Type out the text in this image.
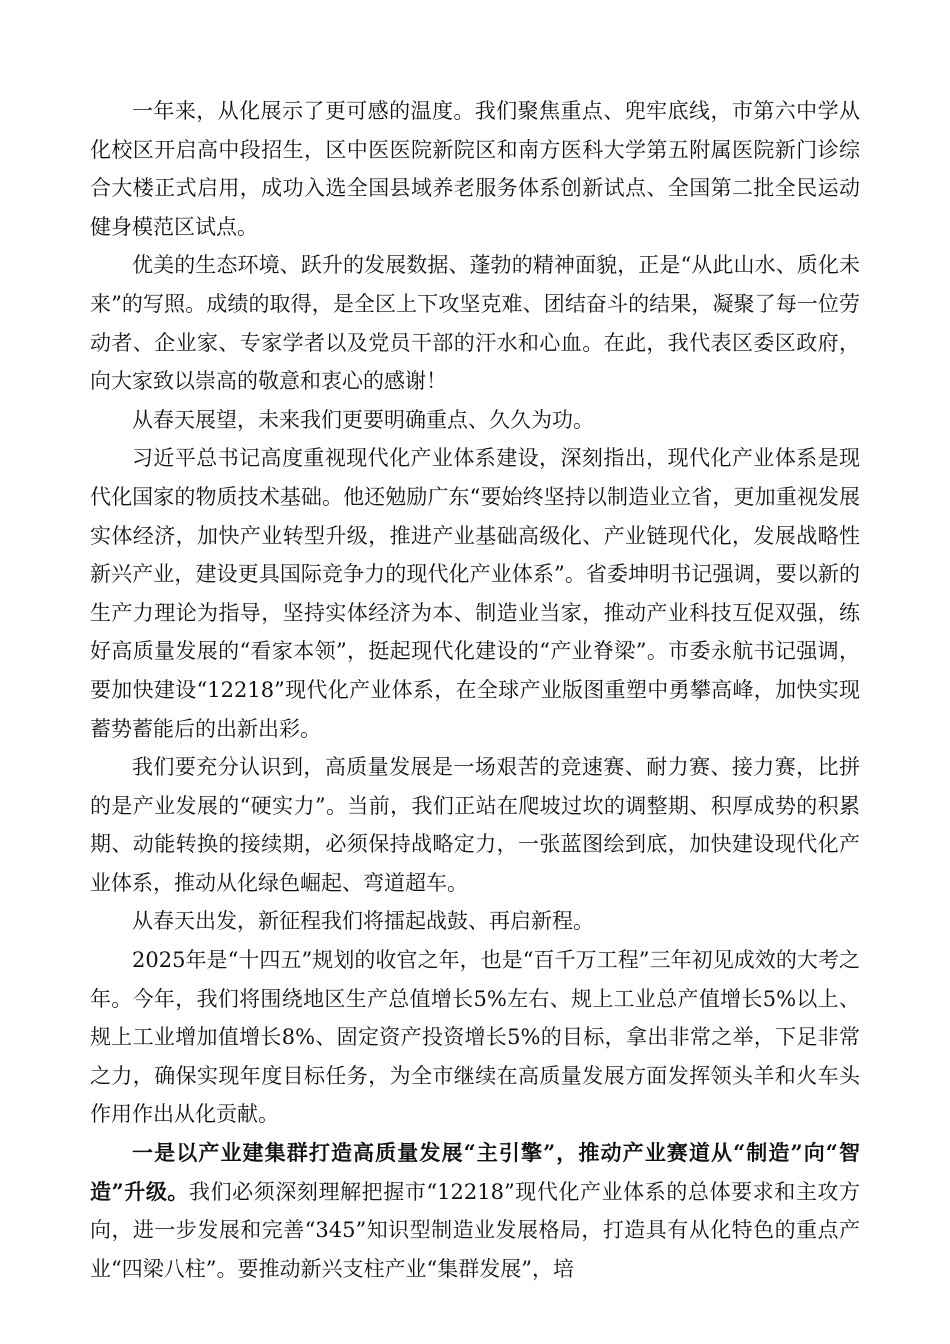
一年来，从化展示了更可感的温度。我们聚焦重点、兜牢底线，市第六中学从化校区开启高中段招生，区中医医院新院区和南方医科大学第五附属医院新门诊综合大楼正式启用，成功入选全国县域养老服务体系创新试点、全国第二批全民运动健身模范区试点。

优美的生态环境、跃升的发展数据、蓬勃的精神面貌，正是“从此山水、质化未来”的写照。成绩的取得，是全区上下攻坚克难、团结奋斗的结果，凝聚了每一位劳动者、企业家、专家学者以及党员干部的汗水和心血。在此，我代表区委区政府，向大家致以崇高的敬意和衷心的感谢！

从春天展望，未来我们更要明确重点、久久为功。

习近平总书记高度重视现代化产业体系建设，深刻指出，现代化产业体系是现代化国家的物质技术基础。他还勉励广东“要始终坚持以制造业立省，更加重视发展实体经济，加快产业转型升级，推进产业基础高级化、产业链现代化，发展战略性新兴产业，建设更具国际竞争力的现代化产业体系”。省委坤明书记强调，要以新的生产力理论为指导，坚持实体经济为本、制造业当家，推动产业科技互促双强，练好高质量发展的“看家本领”，挺起现代化建设的“产业脊梁”。市委永航书记强调，要加快建设“12218”现代化产业体系，在全球产业版图重塑中勇攀高峰，加快实现蓄势蓄能后的出新出彩。

我们要充分认识到，高质量发展是一场艰苦的竞速赛、耐力赛、接力赛，比拼的是产业发展的“硬实力”。当前，我们正站在爬坡过坎的调整期、积厚成势的积累期、动能转换的接续期，必须保持战略定力，一张蓝图绘到底，加快建设现代化产业体系，推动从化绿色崛起、弯道超车。

从春天出发，新征程我们将擂起战鼓、再启新程。

2025年是“十四五”规划的收官之年，也是“百千万工程”三年初见成效的大考之年。今年，我们将围绕地区生产总值增长5%左右、规上工业总产值增长5%以上、规上工业增加值增长8%、固定资产投资增长5%的目标，拿出非常之举，下足非常之力，确保实现年度目标任务，为全市继续在高质量发展方面发挥领头羊和火车头作用作出从化贡献。

一是以产业建集群打造高质量发展“主引擎”，推动产业赛道从“制造”向“智造”升级。我们必须深刻理解把握市“12218”现代化产业体系的总体要求和主攻方向，进一步发展和完善“345”知识型制造业发展格局，打造具有从化特色的重点产业“四梁八柱”。要推动新兴支柱产业“集群发展”，培
